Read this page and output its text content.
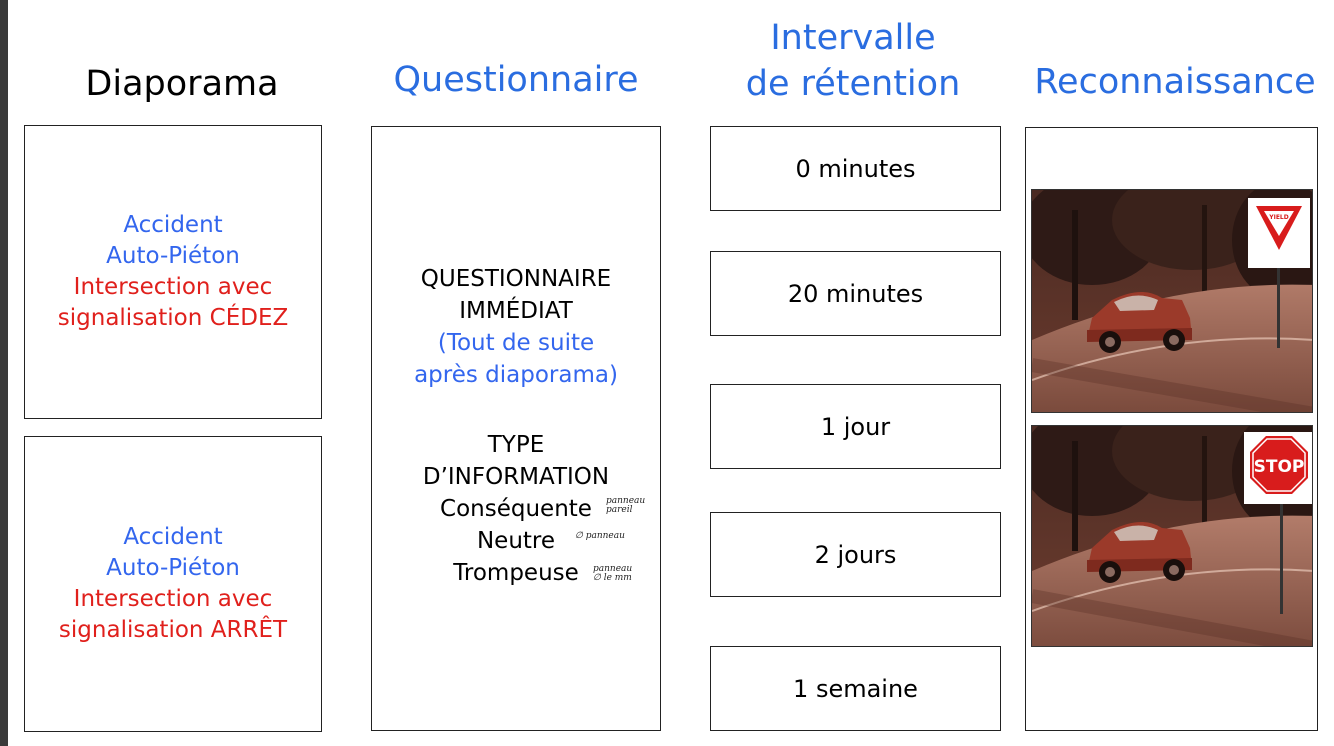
Diaporama	Questionnaire
Intervalle
de rétention	Reconnaissance
Accident
Auto-Piéton
Intersection avec
signalisation CÉDEZ
Accident
Auto-Piéton
Intersection avec
signalisation ARRÊT
QUESTIONNAIRE
IMMÉDIAT
(Tout de suite
après diaporama)
TYPE
D’INFORMATION
Conséquente
Neutre
Trompeuse
panneau pareil
∅ panneau
panneau ∅ le mm
0 minutes
20 minutes
1 jour
2 jours
1 semaine
YIELD
STOP
